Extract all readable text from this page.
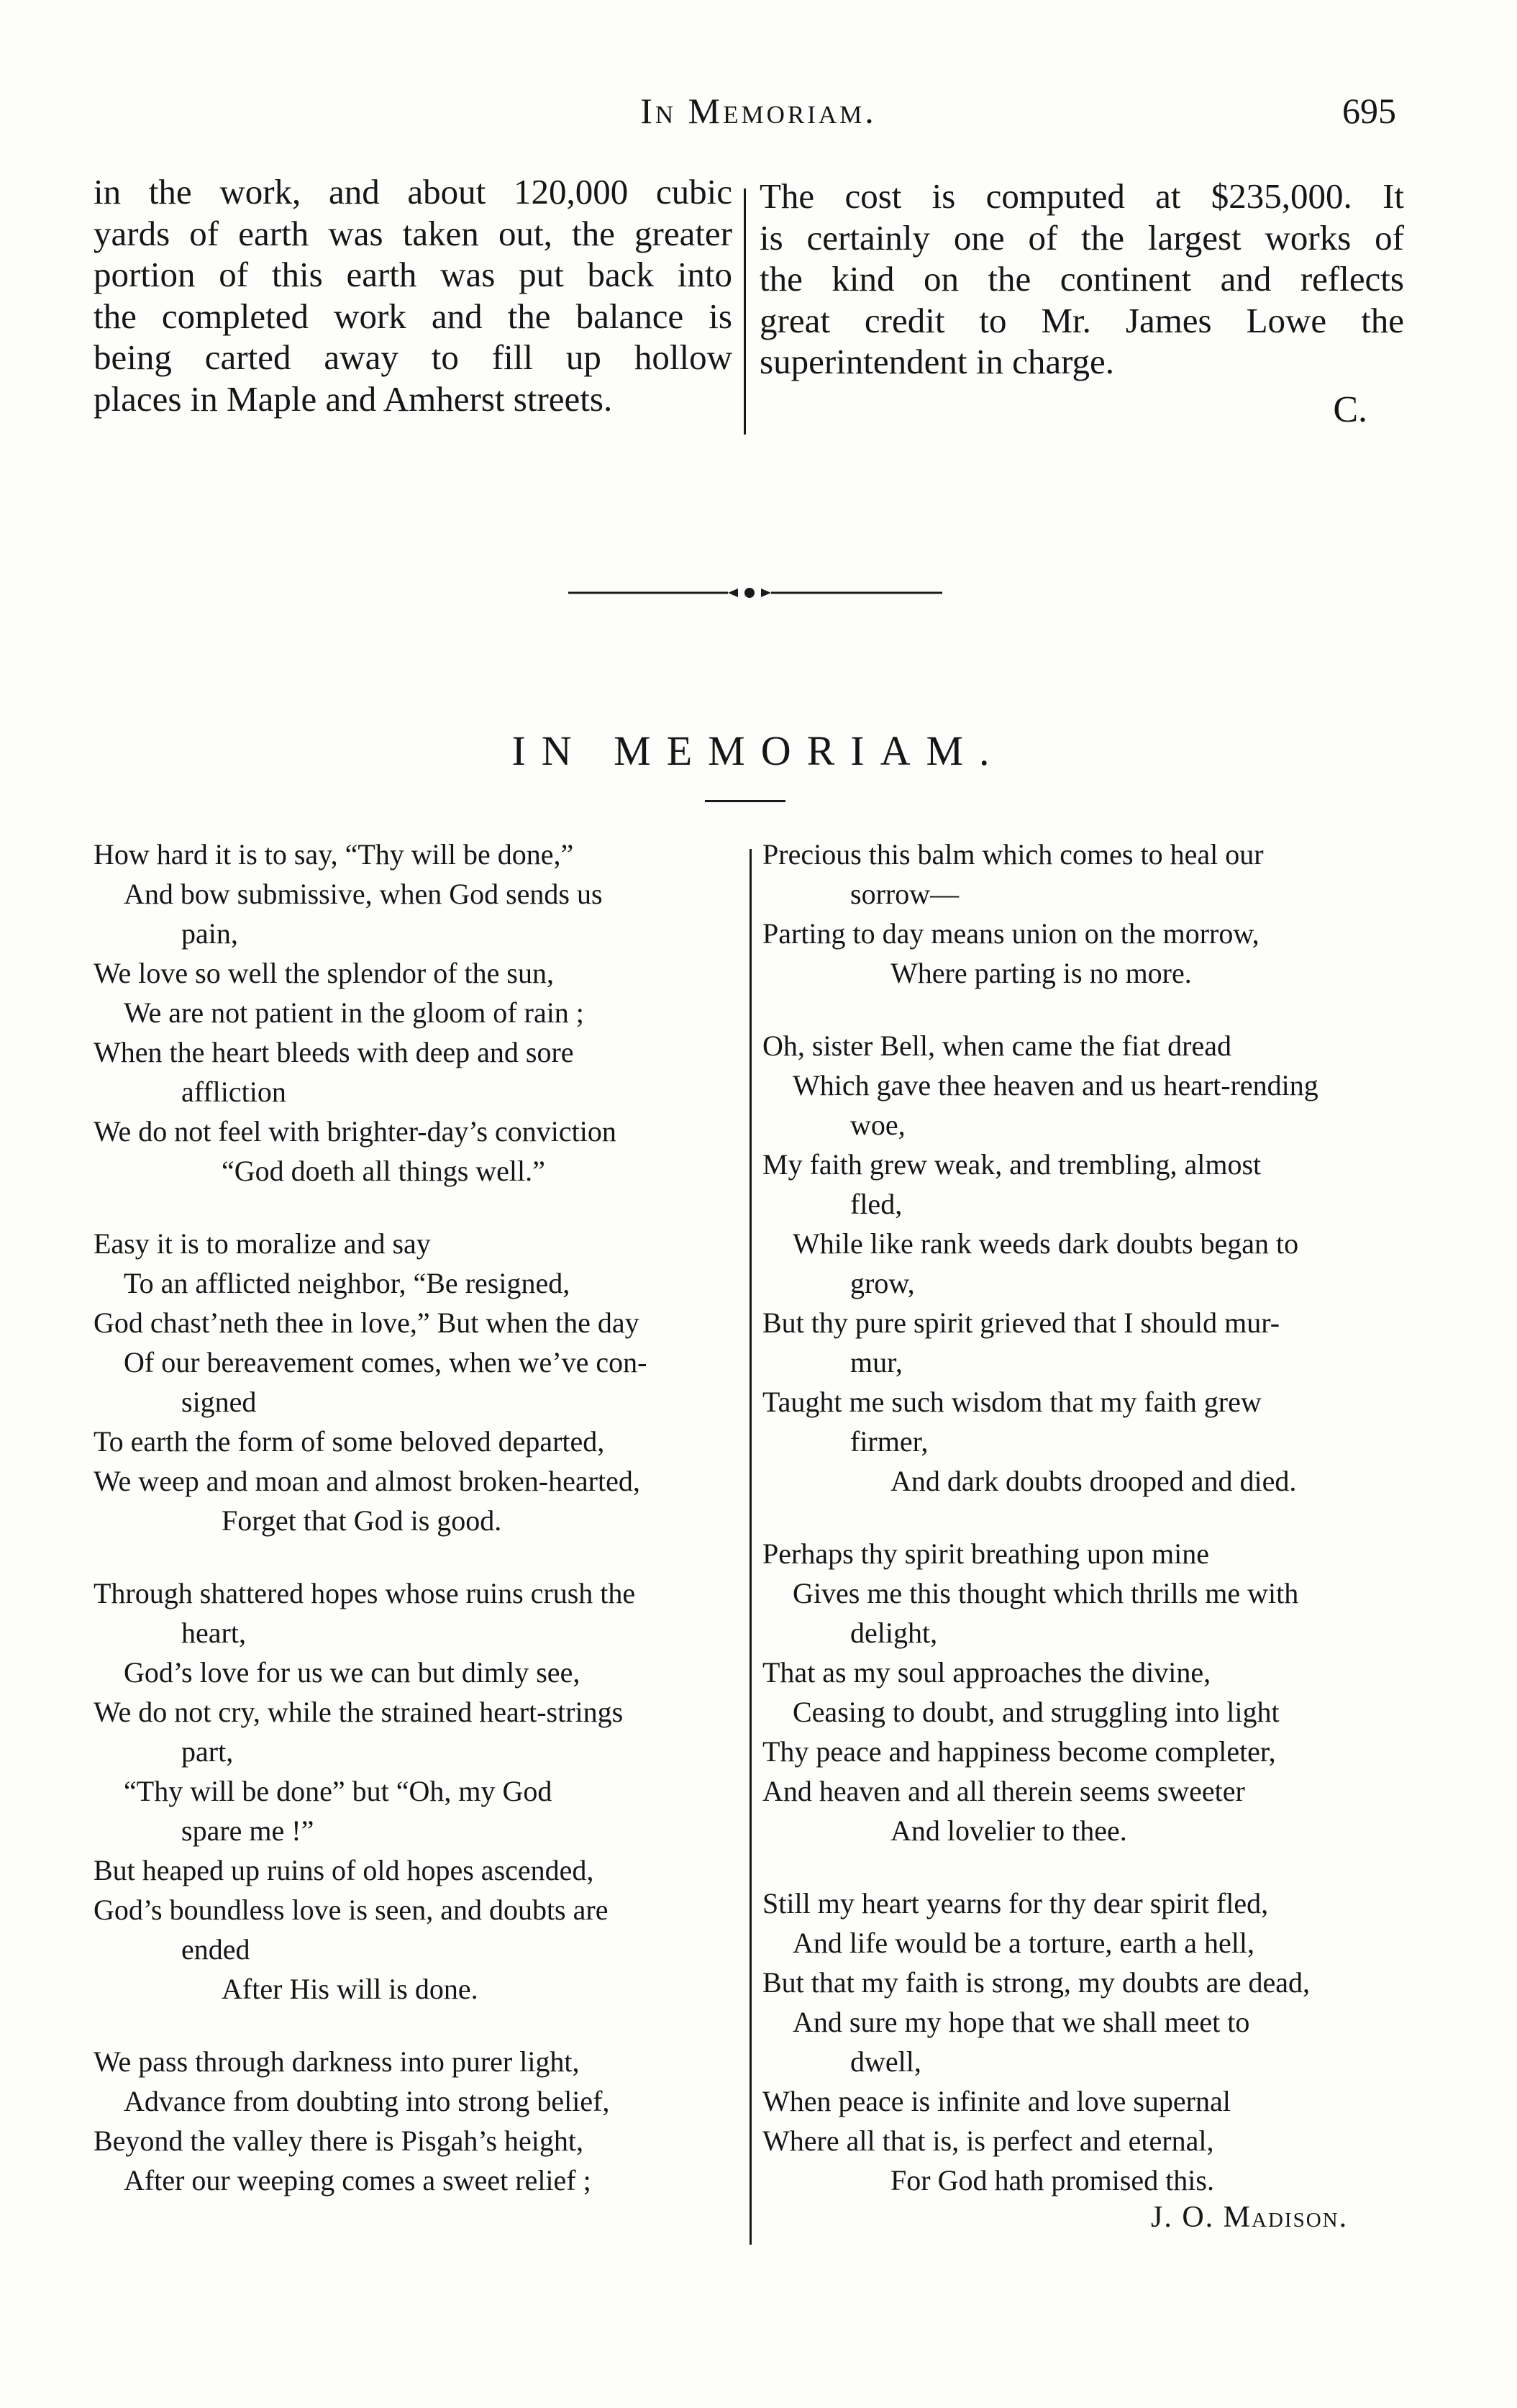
In Memoriam.	695
in the work, and about 120,000 cubic
yards of earth was taken out, the greater
portion of this earth was put back into
the completed work and the balance is
being carted away to fill up hollow
places in Maple and Amherst streets.
The cost is computed at $235,000. It
is certainly one of the largest works of
the kind on the continent and reflects
great credit to Mr. James Lowe the
superintendent in charge.
C.
IN MEMORIAM.
How hard it is to say, “Thy will be done,”
And bow submissive, when God sends us
pain,
We love so well the splendor of the sun,
We are not patient in the gloom of rain ;
When the heart bleeds with deep and sore
affliction
We do not feel with brighter-day’s conviction
“God doeth all things well.”
Easy it is to moralize and say
To an afflicted neighbor, “Be resigned,
God chast’neth thee in love,” But when the day
Of our bereavement comes, when we’ve con-
signed
To earth the form of some beloved departed,
We weep and moan and almost broken-hearted,
Forget that God is good.
Through shattered hopes whose ruins crush the
heart,
God’s love for us we can but dimly see,
We do not cry, while the strained heart-strings
part,
“Thy will be done” but “Oh, my God
spare me !”
But heaped up ruins of old hopes ascended,
God’s boundless love is seen, and doubts are
ended
After His will is done.
We pass through darkness into purer light,
Advance from doubting into strong belief,
Beyond the valley there is Pisgah’s height,
After our weeping comes a sweet relief ;
Precious this balm which comes to heal our
sorrow—
Parting to day means union on the morrow,
Where parting is no more.
Oh, sister Bell, when came the fiat dread
Which gave thee heaven and us heart-rending
woe,
My faith grew weak, and trembling, almost
fled,
While like rank weeds dark doubts began to
grow,
But thy pure spirit grieved that I should mur-
mur,
Taught me such wisdom that my faith grew
firmer,
And dark doubts drooped and died.
Perhaps thy spirit breathing upon mine
Gives me this thought which thrills me with
delight,
That as my soul approaches the divine,
Ceasing to doubt, and struggling into light
Thy peace and happiness become completer,
And heaven and all therein seems sweeter
And lovelier to thee.
Still my heart yearns for thy dear spirit fled,
And life would be a torture, earth a hell,
But that my faith is strong, my doubts are dead,
And sure my hope that we shall meet to
dwell,
When peace is infinite and love supernal
Where all that is, is perfect and eternal,
For God hath promised this.
J. O. Madison.
